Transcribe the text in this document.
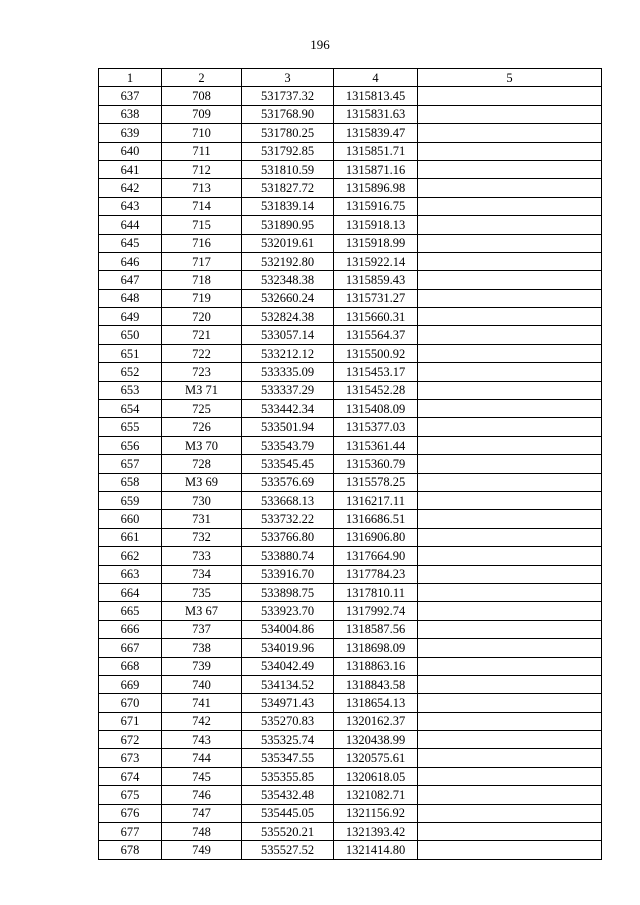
196
1	2	3	4	5
637	708	531737.32	1315813.45	
638	709	531768.90	1315831.63	
639	710	531780.25	1315839.47	
640	711	531792.85	1315851.71	
641	712	531810.59	1315871.16	
642	713	531827.72	1315896.98	
643	714	531839.14	1315916.75	
644	715	531890.95	1315918.13	
645	716	532019.61	1315918.99	
646	717	532192.80	1315922.14	
647	718	532348.38	1315859.43	
648	719	532660.24	1315731.27	
649	720	532824.38	1315660.31	
650	721	533057.14	1315564.37	
651	722	533212.12	1315500.92	
652	723	533335.09	1315453.17	
653	МЗ 71	533337.29	1315452.28	
654	725	533442.34	1315408.09	
655	726	533501.94	1315377.03	
656	МЗ 70	533543.79	1315361.44	
657	728	533545.45	1315360.79	
658	МЗ 69	533576.69	1315578.25	
659	730	533668.13	1316217.11	
660	731	533732.22	1316686.51	
661	732	533766.80	1316906.80	
662	733	533880.74	1317664.90	
663	734	533916.70	1317784.23	
664	735	533898.75	1317810.11	
665	МЗ 67	533923.70	1317992.74	
666	737	534004.86	1318587.56	
667	738	534019.96	1318698.09	
668	739	534042.49	1318863.16	
669	740	534134.52	1318843.58	
670	741	534971.43	1318654.13	
671	742	535270.83	1320162.37	
672	743	535325.74	1320438.99	
673	744	535347.55	1320575.61	
674	745	535355.85	1320618.05	
675	746	535432.48	1321082.71	
676	747	535445.05	1321156.92	
677	748	535520.21	1321393.42	
678	749	535527.52	1321414.80	
